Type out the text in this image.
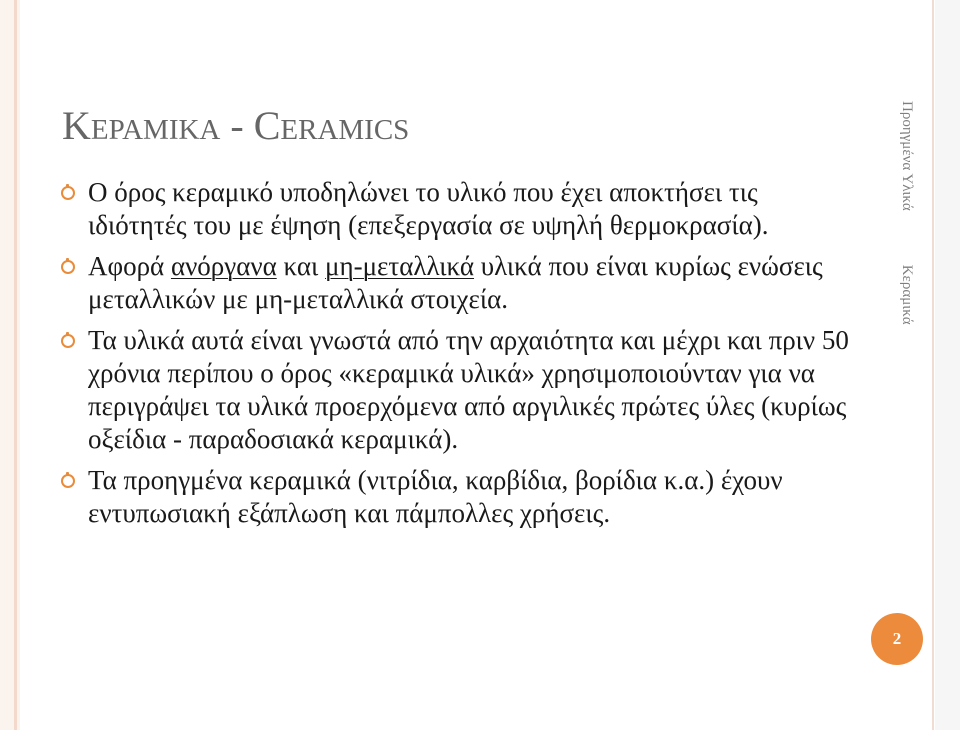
KΕΡΑΜΙΚΑ - CERAMICS
Ο όρος κεραμικό υποδηλώνει το υλικό που έχει αποκτήσει τις ιδιότητές του με έψηση (επεξεργασία σε υψηλή θερμοκρασία).
Αφορά ανόργανα και μη-μεταλλικά υλικά που είναι κυρίως ενώσεις μεταλλικών με μη-μεταλλικά στοιχεία.
Τα υλικά αυτά είναι γνωστά από την αρχαιότητα και μέχρι και πριν 50 χρόνια περίπου ο όρος «κεραμικά υλικά» χρησιμοποιούνταν για να περιγράψει τα υλικά προερχόμενα από αργιλικές πρώτες ύλες (κυρίως οξείδια - παραδοσιακά κεραμικά).
Τα προηγμένα κεραμικά (νιτρίδια, καρβίδια, βορίδια κ.α.) έχουν εντυπωσιακή εξάπλωση και πάμπολλες χρήσεις.
Προηγμένα ΥλικάΚεραμικά
2
